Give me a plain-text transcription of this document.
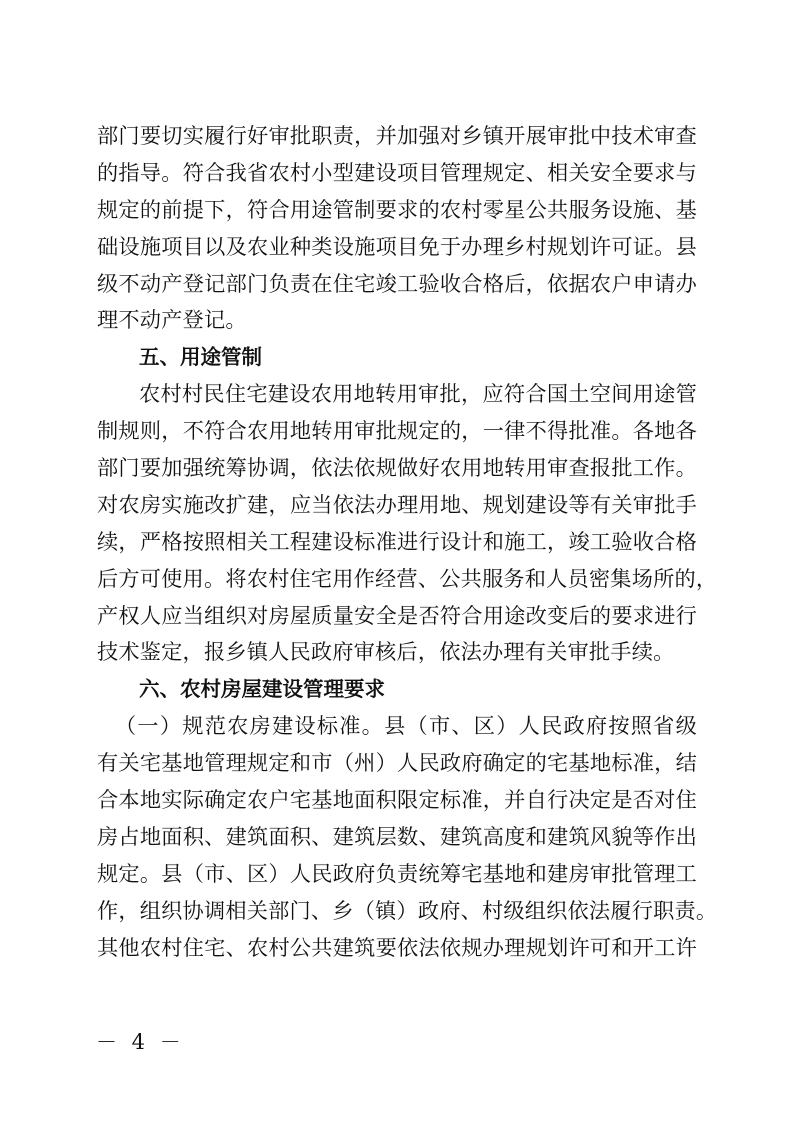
部门要切实履行好审批职责，并加强对乡镇开展审批中技术审查
的指导。符合我省农村小型建设项目管理规定、相关安全要求与
规定的前提下，符合用途管制要求的农村零星公共服务设施、基
础设施项目以及农业种类设施项目免于办理乡村规划许可证。县
级不动产登记部门负责在住宅竣工验收合格后，依据农户申请办
理不动产登记。
五、用途管制
农村村民住宅建设农用地转用审批，应符合国土空间用途管
制规则，不符合农用地转用审批规定的，一律不得批准。各地各
部门要加强统筹协调，依法依规做好农用地转用审查报批工作。
对农房实施改扩建，应当依法办理用地、规划建设等有关审批手
续，严格按照相关工程建设标准进行设计和施工，竣工验收合格
后方可使用。将农村住宅用作经营、公共服务和人员密集场所的，
产权人应当组织对房屋质量安全是否符合用途改变后的要求进行
技术鉴定，报乡镇人民政府审核后，依法办理有关审批手续。
六、农村房屋建设管理要求
（一）规范农房建设标准。县（市、区）人民政府按照省级
有关宅基地管理规定和市（州）人民政府确定的宅基地标准，结
合本地实际确定农户宅基地面积限定标准，并自行决定是否对住
房占地面积、建筑面积、建筑层数、建筑高度和建筑风貌等作出
规定。县（市、区）人民政府负责统筹宅基地和建房审批管理工
作，组织协调相关部门、乡（镇）政府、村级组织依法履行职责。
其他农村住宅、农村公共建筑要依法依规办理规划许可和开工许
－ 4 －
